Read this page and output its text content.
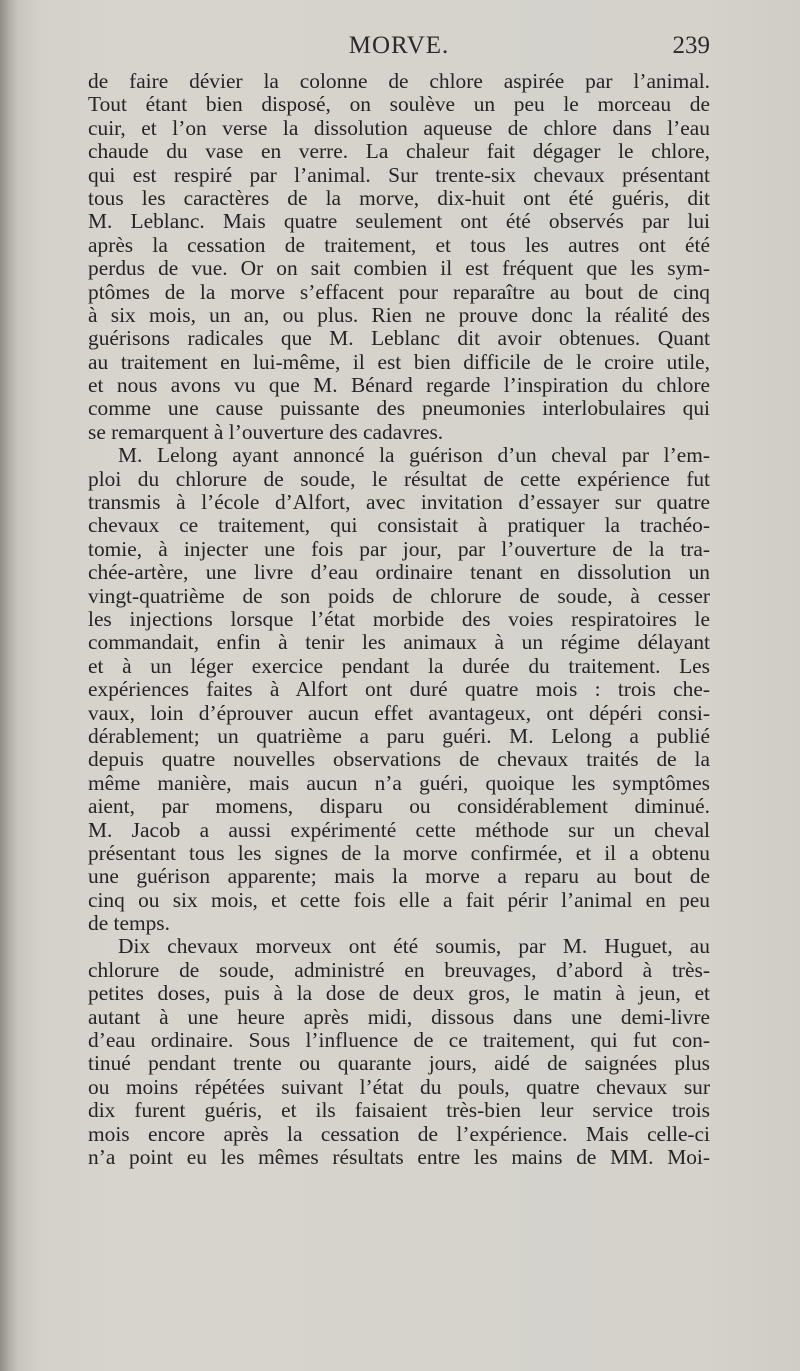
MORVE.	239
de faire dévier la colonne de chlore aspirée par l’animal.
Tout étant bien disposé, on soulève un peu le morceau de
cuir, et l’on verse la dissolution aqueuse de chlore dans l’eau
chaude du vase en verre. La chaleur fait dégager le chlore,
qui est respiré par l’animal. Sur trente-six chevaux présentant
tous les caractères de la morve, dix-huit ont été guéris, dit
M. Leblanc. Mais quatre seulement ont été observés par lui
après la cessation de traitement, et tous les autres ont été
perdus de vue. Or on sait combien il est fréquent que les sym-
ptômes de la morve s’effacent pour reparaître au bout de cinq
à six mois, un an, ou plus. Rien ne prouve donc la réalité des
guérisons radicales que M. Leblanc dit avoir obtenues. Quant
au traitement en lui-même, il est bien difficile de le croire utile,
et nous avons vu que M. Bénard regarde l’inspiration du chlore
comme une cause puissante des pneumonies interlobulaires qui
se remarquent à l’ouverture des cadavres.
M. Lelong ayant annoncé la guérison d’un cheval par l’em-
ploi du chlorure de soude, le résultat de cette expérience fut
transmis à l’école d’Alfort, avec invitation d’essayer sur quatre
chevaux ce traitement, qui consistait à pratiquer la trachéo-
tomie, à injecter une fois par jour, par l’ouverture de la tra-
chée-artère, une livre d’eau ordinaire tenant en dissolution un
vingt-quatrième de son poids de chlorure de soude, à cesser
les injections lorsque l’état morbide des voies respiratoires le
commandait, enfin à tenir les animaux à un régime délayant
et à un léger exercice pendant la durée du traitement. Les
expériences faites à Alfort ont duré quatre mois : trois che-
vaux, loin d’éprouver aucun effet avantageux, ont dépéri consi-
dérablement; un quatrième a paru guéri. M. Lelong a publié
depuis quatre nouvelles observations de chevaux traités de la
même manière, mais aucun n’a guéri, quoique les symptômes
aient, par momens, disparu ou considérablement diminué.
M. Jacob a aussi expérimenté cette méthode sur un cheval
présentant tous les signes de la morve confirmée, et il a obtenu
une guérison apparente; mais la morve a reparu au bout de
cinq ou six mois, et cette fois elle a fait périr l’animal en peu
de temps.
Dix chevaux morveux ont été soumis, par M. Huguet, au
chlorure de soude, administré en breuvages, d’abord à très-
petites doses, puis à la dose de deux gros, le matin à jeun, et
autant à une heure après midi, dissous dans une demi-livre
d’eau ordinaire. Sous l’influence de ce traitement, qui fut con-
tinué pendant trente ou quarante jours, aidé de saignées plus
ou moins répétées suivant l’état du pouls, quatre chevaux sur
dix furent guéris, et ils faisaient très-bien leur service trois
mois encore après la cessation de l’expérience. Mais celle-ci
n’a point eu les mêmes résultats entre les mains de MM. Moi-
